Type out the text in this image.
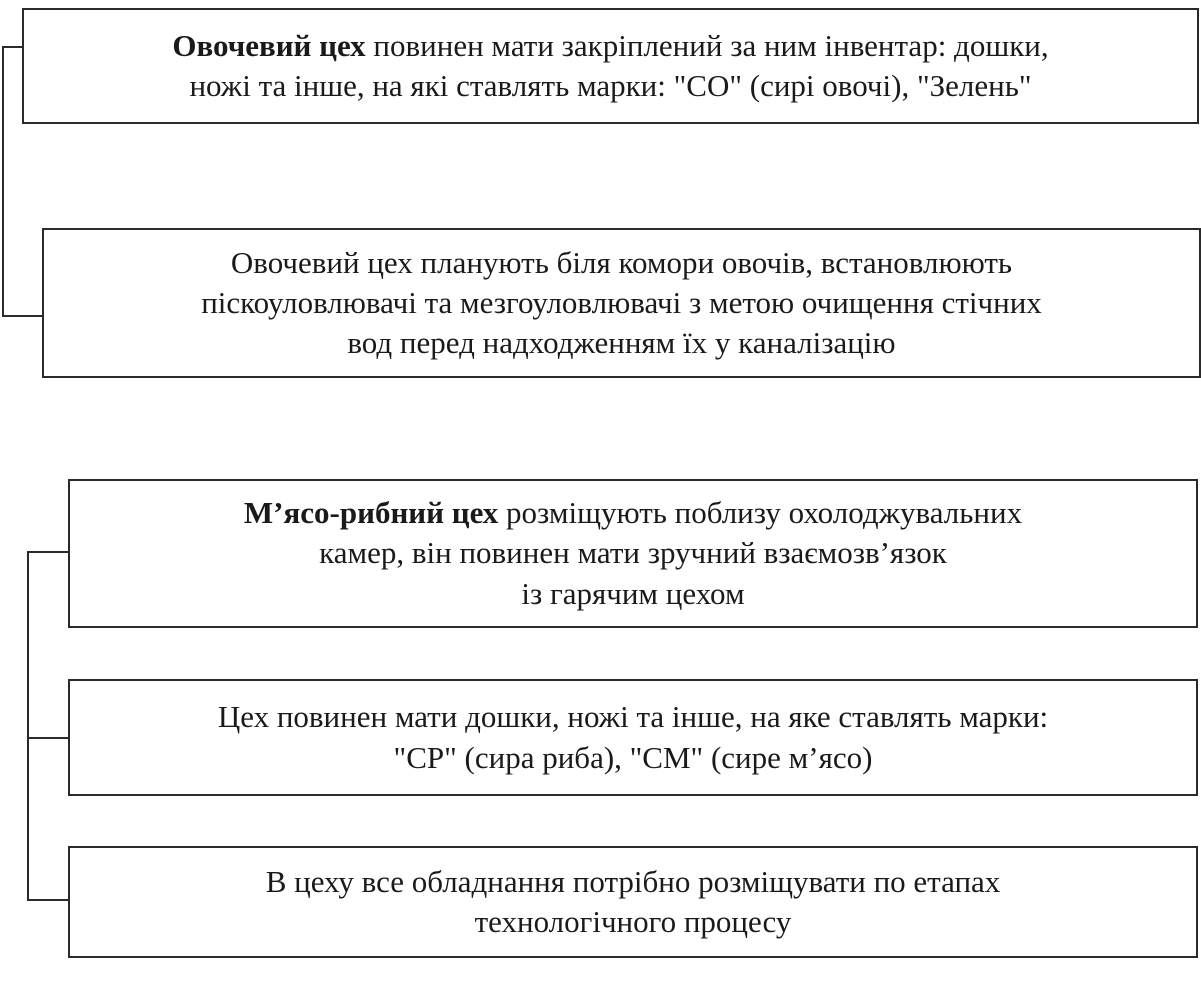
Овочевий цех повинен мати закріплений за ним інвентар: дошки,
ножі та інше, на які ставлять марки: "СО" (сирі овочі), "Зелень"
Овочевий цех планують біля комори овочів, встановлюють
піскоуловлювачі та мезгоуловлювачі з метою очищення стічних
вод перед надходженням їх у каналізацію
М’ясо-рибний цех розміщують поблизу охолоджувальних
камер, він повинен мати зручний взаємозв’язок
із гарячим цехом
Цех повинен мати дошки, ножі та інше, на яке ставлять марки:
"СР" (сира риба), "СМ" (сире м’ясо)
В цеху все обладнання потрібно розміщувати по етапах
технологічного процесу
